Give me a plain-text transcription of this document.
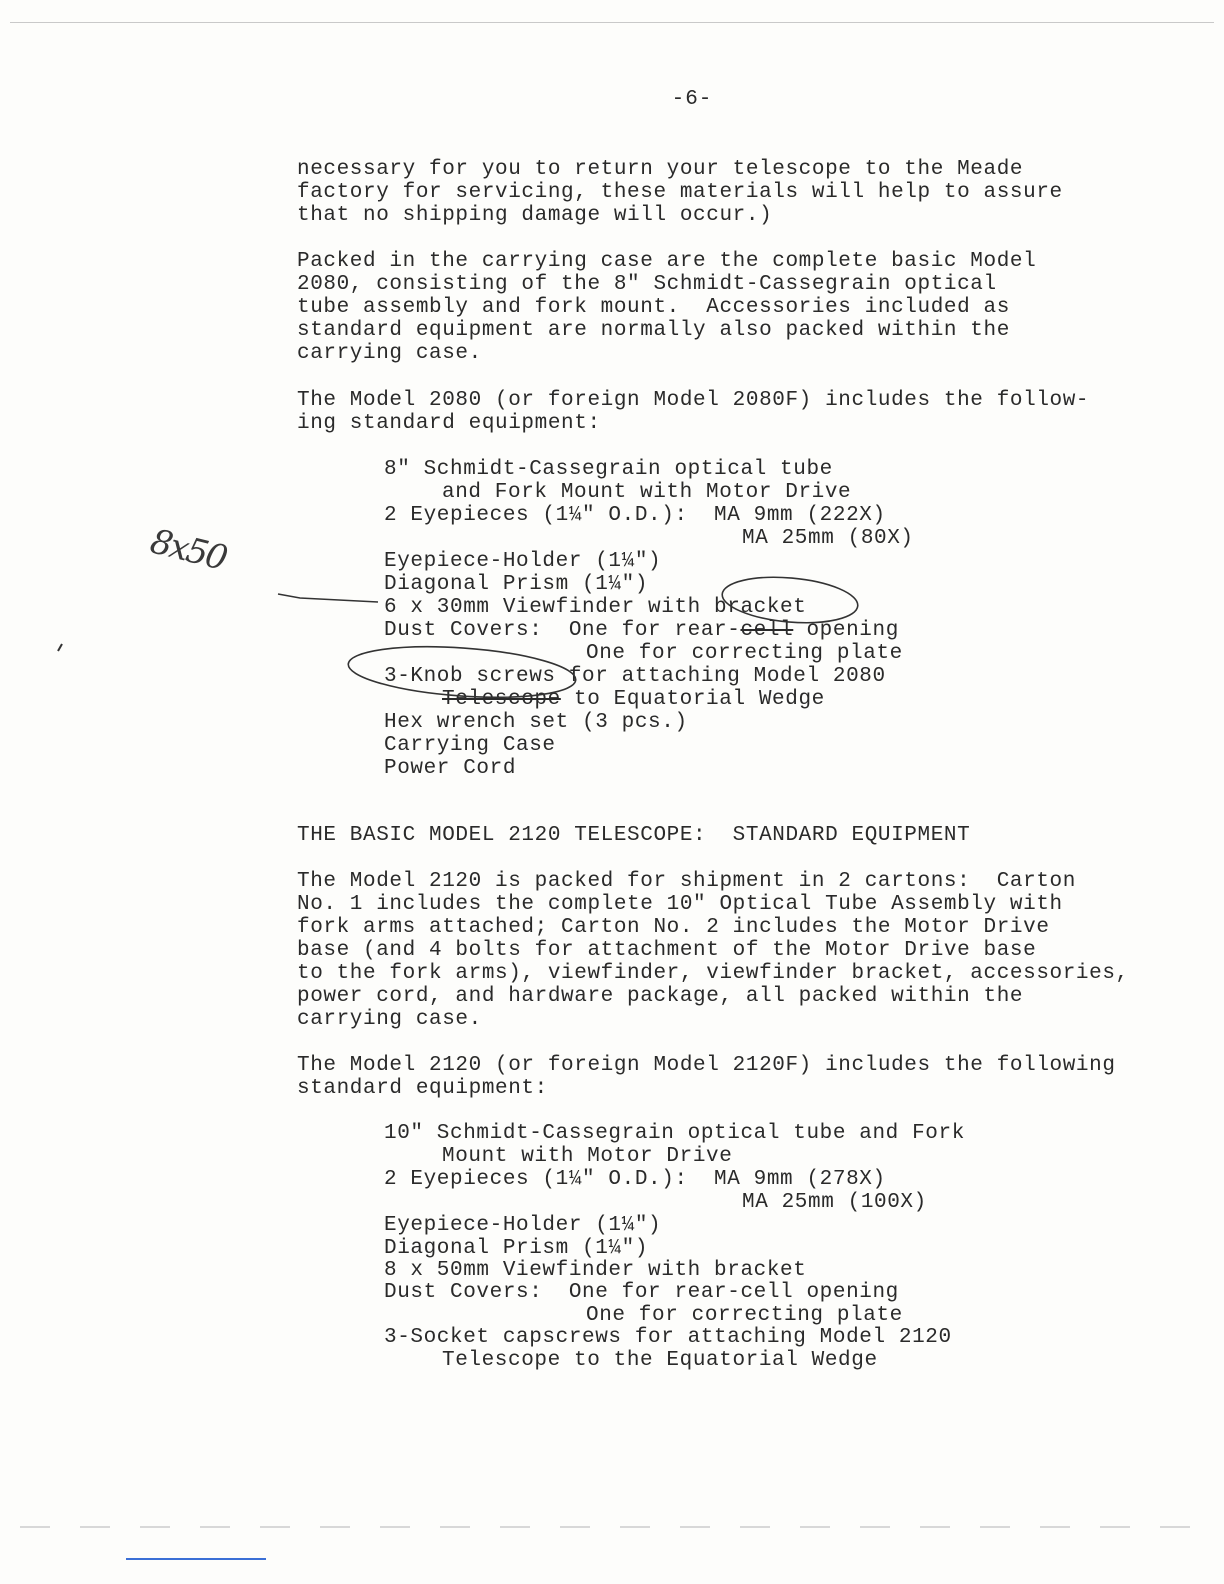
-6-
necessary for you to return your telescope to the Meade
factory for servicing, these materials will help to assure
that no shipping damage will occur.)
Packed in the carrying case are the complete basic Model
2080, consisting of the 8" Schmidt-Cassegrain optical
tube assembly and fork mount.  Accessories included as
standard equipment are normally also packed within the
carrying case.
The Model 2080 (or foreign Model 2080F) includes the follow-
ing standard equipment:
8" Schmidt-Cassegrain optical tube
and Fork Mount with Motor Drive
2 Eyepieces (1¼" O.D.):  MA 9mm (222X)
MA 25mm (80X)
Eyepiece-Holder (1¼")
Diagonal Prism (1¼")
6 x 30mm Viewfinder with bracket
Dust Covers:  One for rear-cell opening
One for correcting plate
3-Knob screws for attaching Model 2080
Telescope to Equatorial Wedge
Hex wrench set (3 pcs.)
Carrying Case
Power Cord
8x50
THE BASIC MODEL 2120 TELESCOPE:  STANDARD EQUIPMENT
The Model 2120 is packed for shipment in 2 cartons:  Carton
No. 1 includes the complete 10" Optical Tube Assembly with
fork arms attached; Carton No. 2 includes the Motor Drive
base (and 4 bolts for attachment of the Motor Drive base
to the fork arms), viewfinder, viewfinder bracket, accessories,
power cord, and hardware package, all packed within the
carrying case.
The Model 2120 (or foreign Model 2120F) includes the following
standard equipment:
10" Schmidt-Cassegrain optical tube and Fork
Mount with Motor Drive
2 Eyepieces (1¼" O.D.):  MA 9mm (278X)
MA 25mm (100X)
Eyepiece-Holder (1¼")
Diagonal Prism (1¼")
8 x 50mm Viewfinder with bracket
Dust Covers:  One for rear-cell opening
One for correcting plate
3-Socket capscrews for attaching Model 2120
Telescope to the Equatorial Wedge
